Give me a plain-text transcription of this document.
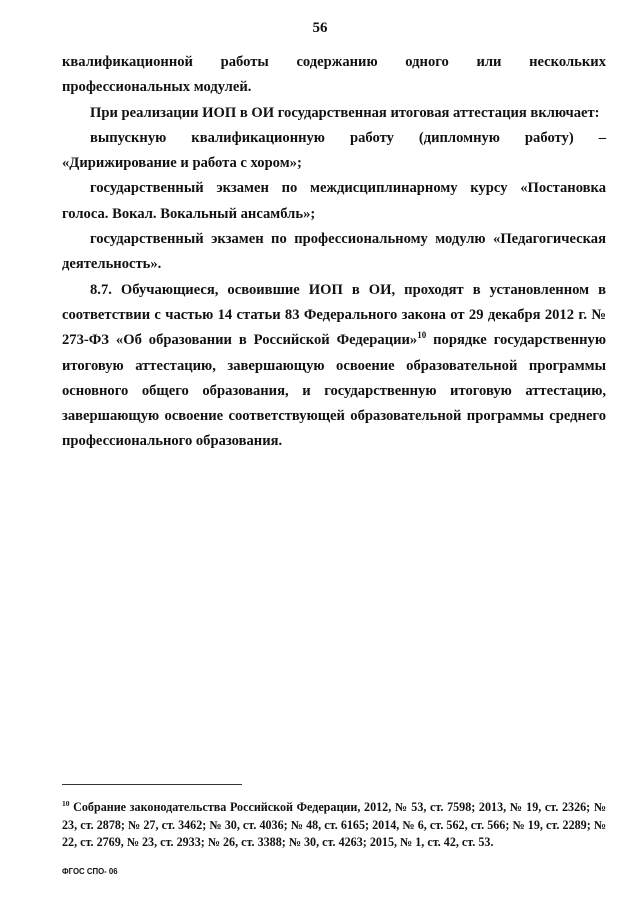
56

квалификационной работы содержанию одного или нескольких профессиональных модулей.

При реализации ИОП в ОИ государственная итоговая аттестация включает:

выпускную квалификационную работу (дипломную работу) – «Дирижирование и работа с хором»;

государственный экзамен по междисциплинарному курсу «Постановка голоса. Вокал. Вокальный ансамбль»;

государственный экзамен по профессиональному модулю «Педагогическая деятельность».

8.7. Обучающиеся, освоившие ИОП в ОИ, проходят в установленном в соответствии с частью 14 статьи 83 Федерального закона от 29 декабря 2012 г. № 273-ФЗ «Об образовании в Российской Федерации»$^{10}$ порядке государственную итоговую аттестацию, завершающую освоение образовательной программы основного общего образования, и государственную итоговую аттестацию, завершающую освоение соответствующей образовательной программы среднего профессионального образования.

$^{10}$ Собрание законодательства Российской Федерации, 2012, № 53, ст. 7598; 2013, № 19, ст. 2326; № 23, ст. 2878; № 27, ст. 3462; № 30, ст. 4036; № 48, ст. 6165; 2014, № 6, ст. 562, ст. 566; № 19, ст. 2289; № 22, ст. 2769, № 23, ст. 2933; № 26, ст. 3388; № 30, ст. 4263; 2015, № 1, ст. 42, ст. 53.
ФГОС СПО- 06
